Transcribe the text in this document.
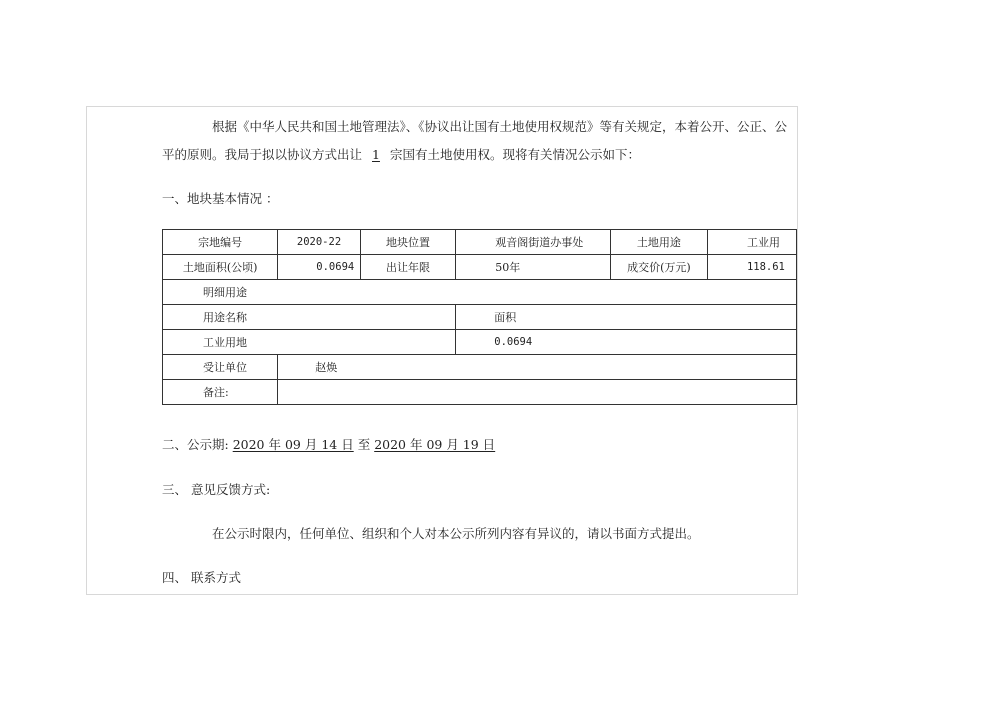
根据《中华人民共和国土地管理法》、《协议出让国有土地使用权规范》等有关规定，本着公开、公正、公
平的原则。我局于拟以协议方式出让 1 宗国有土地使用权。现将有关情况公示如下：
一、地块基本情况 ：
宗地编号	2020-22	地块位置	观音阁街道办事处	土地用途	工业用
土地面积(公顷)	0.0694	出让年限	50年	成交价(万元)	118.61
明细用途					
用途名称			面积		
工业用地			0.0694		
受让单位	赵焕				
备注:					
二、公示期: 2020 年 09 月 14 日 至 2020 年 09 月 19 日
三、 意见反馈方式:
在公示时限内，任何单位、组织和个人对本公示所列内容有异议的，请以书面方式提出。
四、 联系方式
